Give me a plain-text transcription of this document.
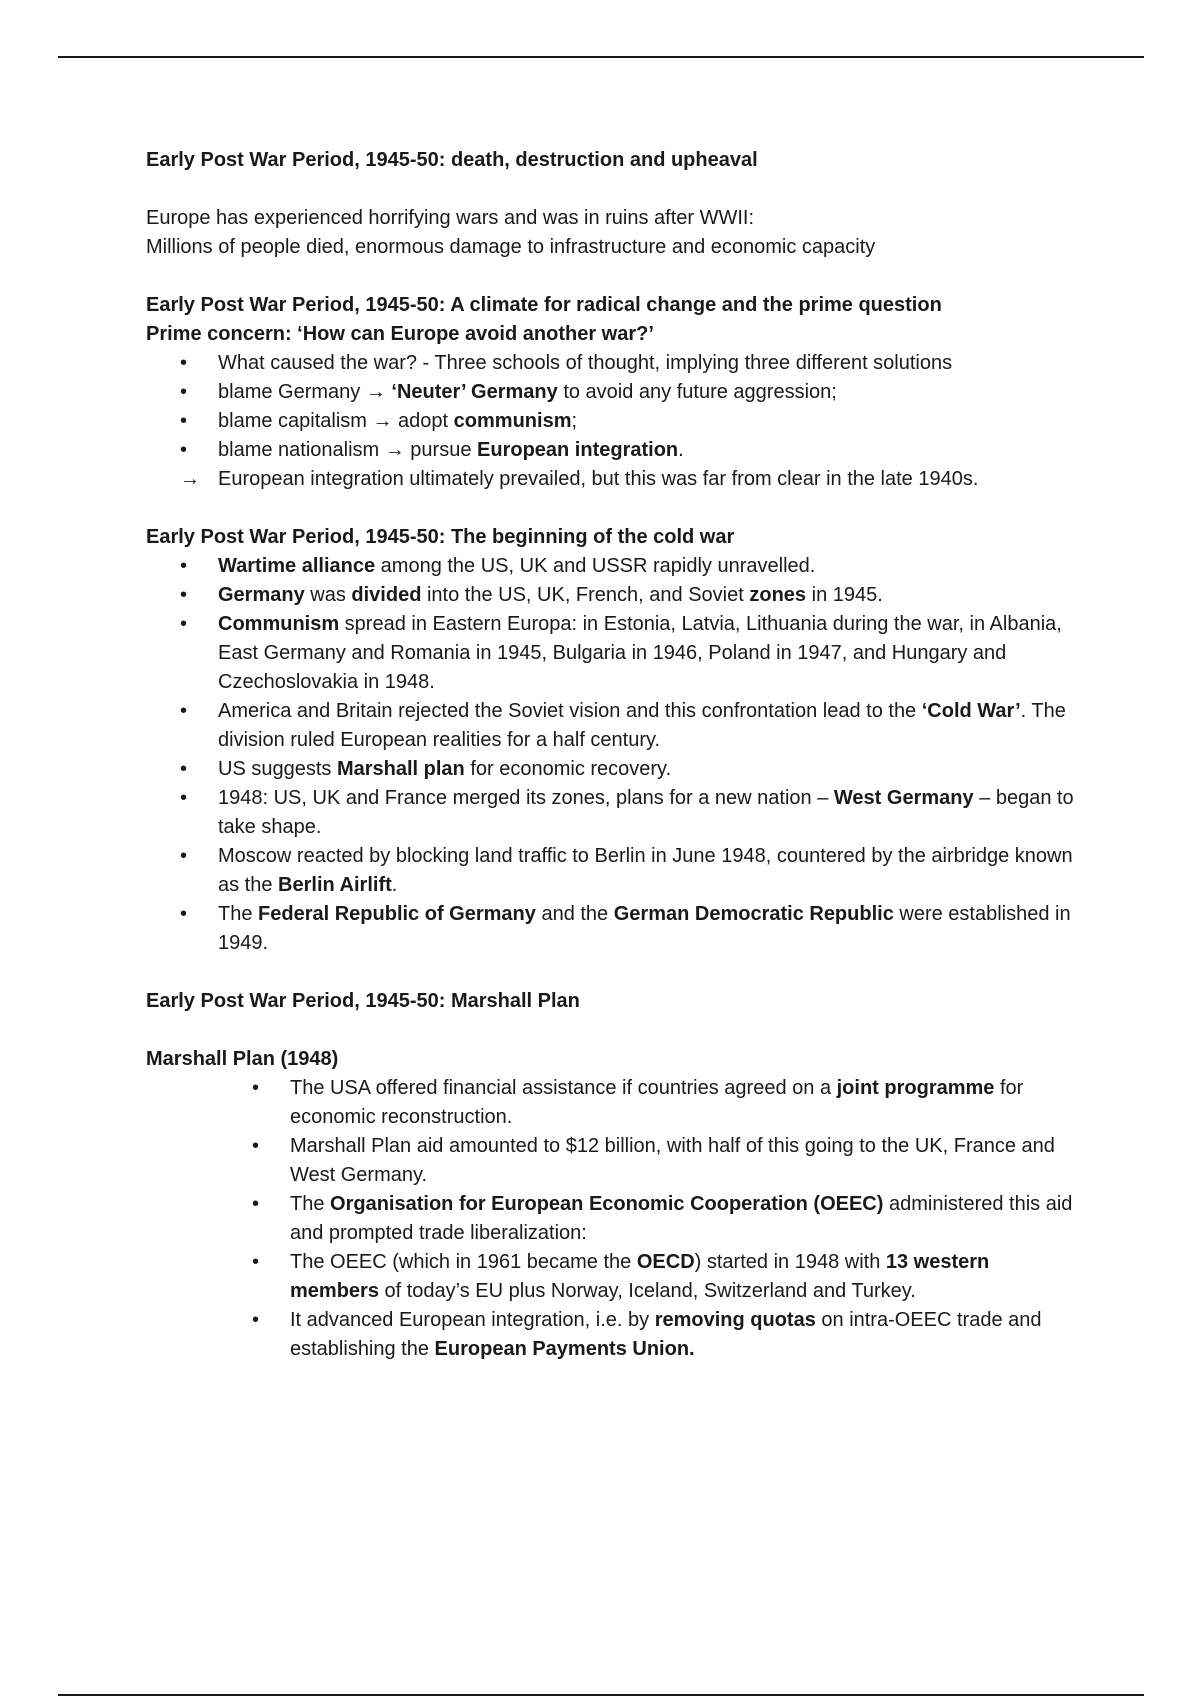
Early Post War Period, 1945-50: death, destruction and upheaval

Europe has experienced horrifying wars and was in ruins after WWII:

Millions of people died, enormous damage to infrastructure and economic capacity

Early Post War Period, 1945-50: A climate for radical change and the prime question

Prime concern: ‘How can Europe avoid another war?’

•	What caused the war? - Three schools of thought, implying three different solutions
•	blame Germany → ‘Neuter’ Germany to avoid any future aggression;
•	blame capitalism → adopt communism;
•	blame nationalism → pursue European integration.
→ European integration ultimately prevailed, but this was far from clear in the late 1940s.

Early Post War Period, 1945-50: The beginning of the cold war

•	Wartime alliance among the US, UK and USSR rapidly unravelled.
•	Germany was divided into the US, UK, French, and Soviet zones in 1945.
•	Communism spread in Eastern Europa: in Estonia, Latvia, Lithuania during the war, in Albania, East Germany and Romania in 1945, Bulgaria in 1946, Poland in 1947, and Hungary and Czechoslovakia in 1948.
•	America and Britain rejected the Soviet vision and this confrontation lead to the ‘Cold War’. The division ruled European realities for a half century.
•	US suggests Marshall plan for economic recovery.
•	1948: US, UK and France merged its zones, plans for a new nation – West Germany – began to take shape.
•	Moscow reacted by blocking land traffic to Berlin in June 1948, countered by the airbridge known as the Berlin Airlift.
•	The Federal Republic of Germany and the German Democratic Republic were established in 1949.

Early Post War Period, 1945-50: Marshall Plan

Marshall Plan (1948)

•	The USA offered financial assistance if countries agreed on a joint programme for economic reconstruction.
•	Marshall Plan aid amounted to $12 billion, with half of this going to the UK, France and West Germany.
•	The Organisation for European Economic Cooperation (OEEC) administered this aid and prompted trade liberalization:
•	The OEEC (which in 1961 became the OECD) started in 1948 with 13 western members of today’s EU plus Norway, Iceland, Switzerland and Turkey.
•	It advanced European integration, i.e. by removing quotas on intra-OEEC trade and establishing the European Payments Union.
